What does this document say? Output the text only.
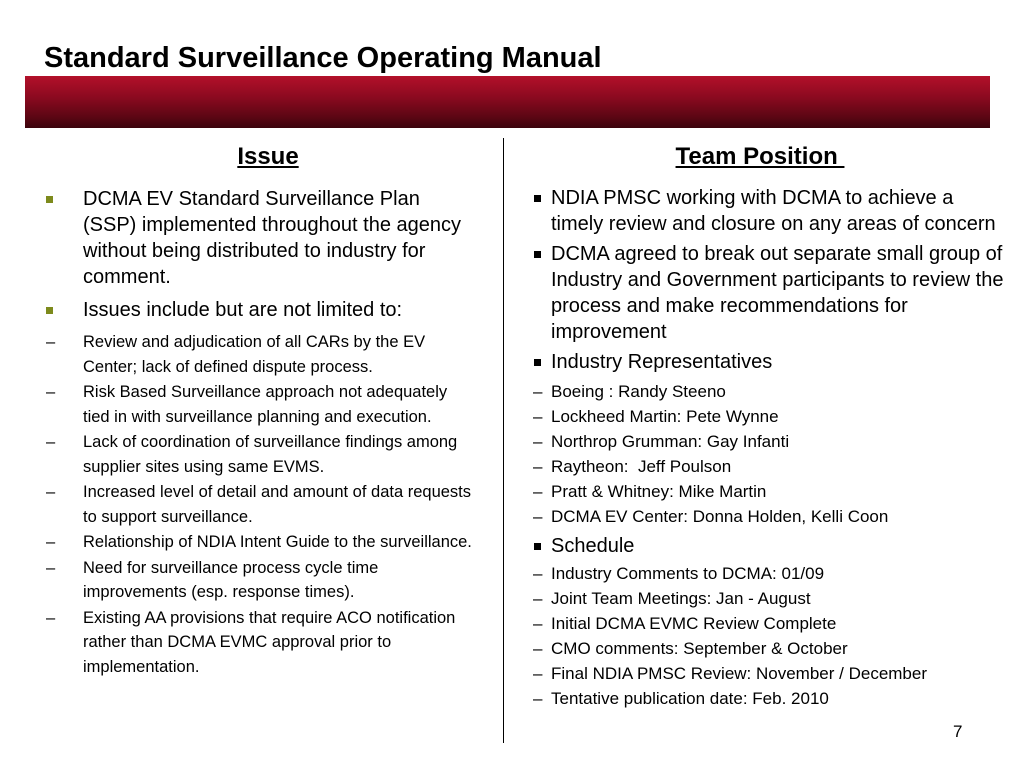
Standard Surveillance Operating Manual
Issue	Team Position
DCMA EV Standard Surveillance Plan (SSP) implemented throughout the agency without being distributed to industry for comment.
Issues include but are not limited to:
– Review and adjudication of all CARs by the EV Center; lack of defined dispute process.
– Risk Based Surveillance approach not adequately tied in with surveillance planning and execution.
– Lack of coordination of surveillance findings among supplier sites using same EVMS.
– Increased level of detail and amount of data requests to support surveillance.
– Relationship of NDIA Intent Guide to the surveillance.
– Need for surveillance process cycle time improvements (esp. response times).
– Existing AA provisions that require ACO notification rather than DCMA EVMC approval prior to implementation.
NDIA PMSC working with DCMA to achieve a timely review and closure on any areas of concern
DCMA agreed to break out separate small group of Industry and Government participants to review the process and make recommendations for improvement
Industry Representatives
– Boeing : Randy Steeno
– Lockheed Martin: Pete Wynne
– Northrop Grumman: Gay Infanti
– Raytheon:  Jeff Poulson
– Pratt & Whitney: Mike Martin
– DCMA EV Center: Donna Holden, Kelli Coon
Schedule
– Industry Comments to DCMA: 01/09
– Joint Team Meetings: Jan - August
– Initial DCMA EVMC Review Complete
– CMO comments: September & October
– Final NDIA PMSC Review: November / December
– Tentative publication date: Feb. 2010
7
